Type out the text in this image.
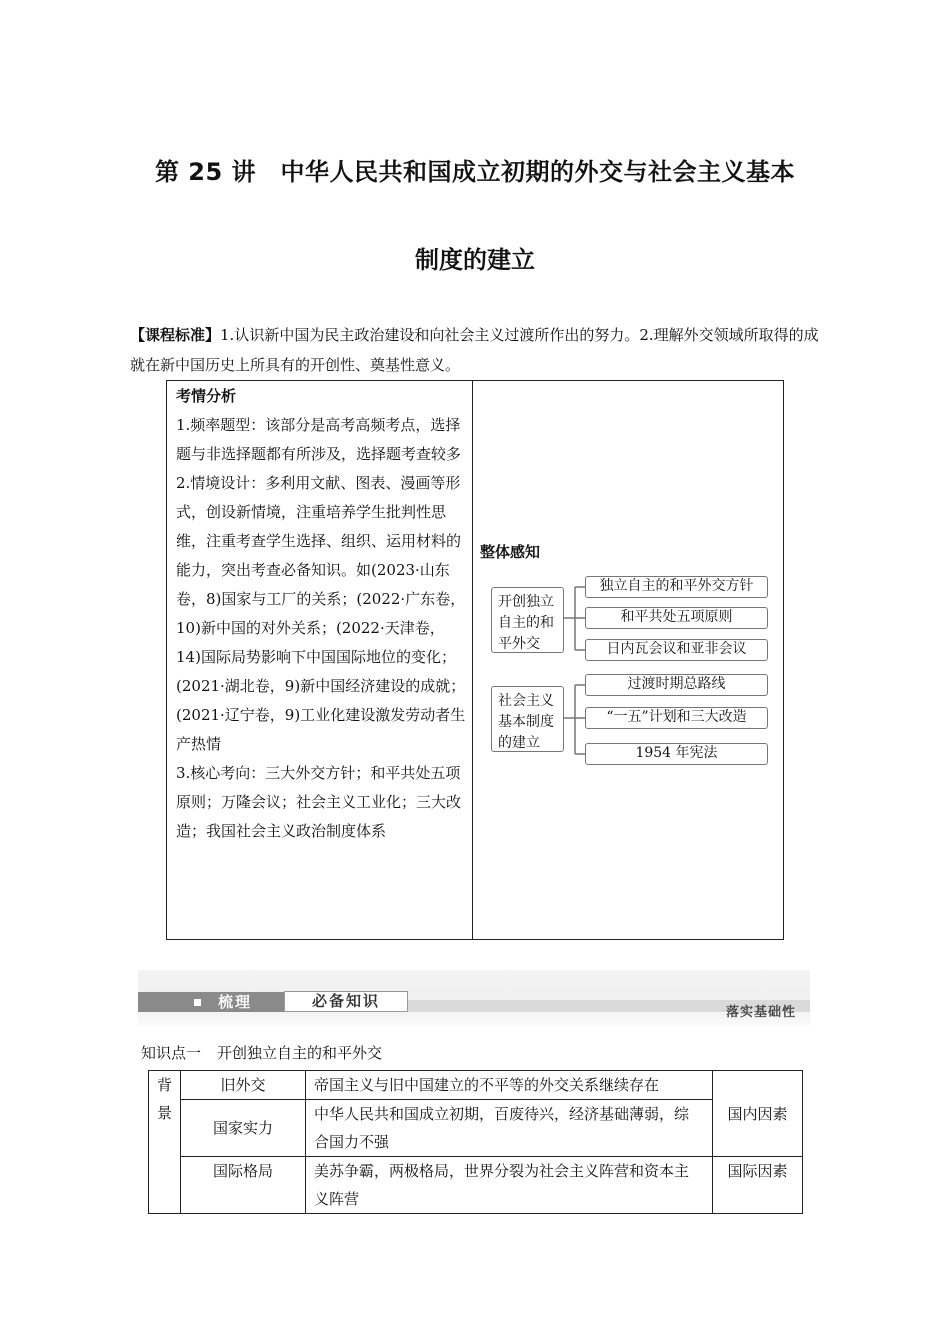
第 25 讲　中华人民共和国成立初期的外交与社会主义基本
制度的建立
【课程标准】1.认识新中国为民主政治建设和向社会主义过渡所作出的努力。2.理解外交领域所取得的成就在新中国历史上所具有的开创性、奠基性意义。
考情分析
1.频率题型：该部分是高考高频考点，选择题与非选择题都有所涉及，选择题考查较多
2.情境设计：多利用文献、图表、漫画等形式，创设新情境，注重培养学生批判性思维，注重考查学生选择、组织、运用材料的能力，突出考查必备知识。如(2023·山东卷，8)国家与工厂的关系；(2022·广东卷，10)新中国的对外关系；(2022·天津卷，14)国际局势影响下中国国际地位的变化；(2021·湖北卷，9)新中国经济建设的成就；(2021·辽宁卷，9)工业化建设激发劳动者生产热情
3.核心考向：三大外交方针；和平共处五项原则；万隆会议；社会主义工业化；三大改造；我国社会主义政治制度体系
整体感知
开创独立自主的和平外交
独立自主的和平外交方针
和平共处五项原则
日内瓦会议和亚非会议
社会主义基本制度的建立
过渡时期总路线
“一五”计划和三大改造
1954 年宪法
梳理	必备知识
落实基础性
知识点一 开创独立自主的和平外交
背景	旧外交	帝国主义与旧中国建立的不平等的外交关系继续存在	国内因素
	国家实力	中华人民共和国成立初期，百废待兴，经济基础薄弱，综合国力不强	
	国际格局	美苏争霸，两极格局，世界分裂为社会主义阵营和资本主义阵营	国际因素
